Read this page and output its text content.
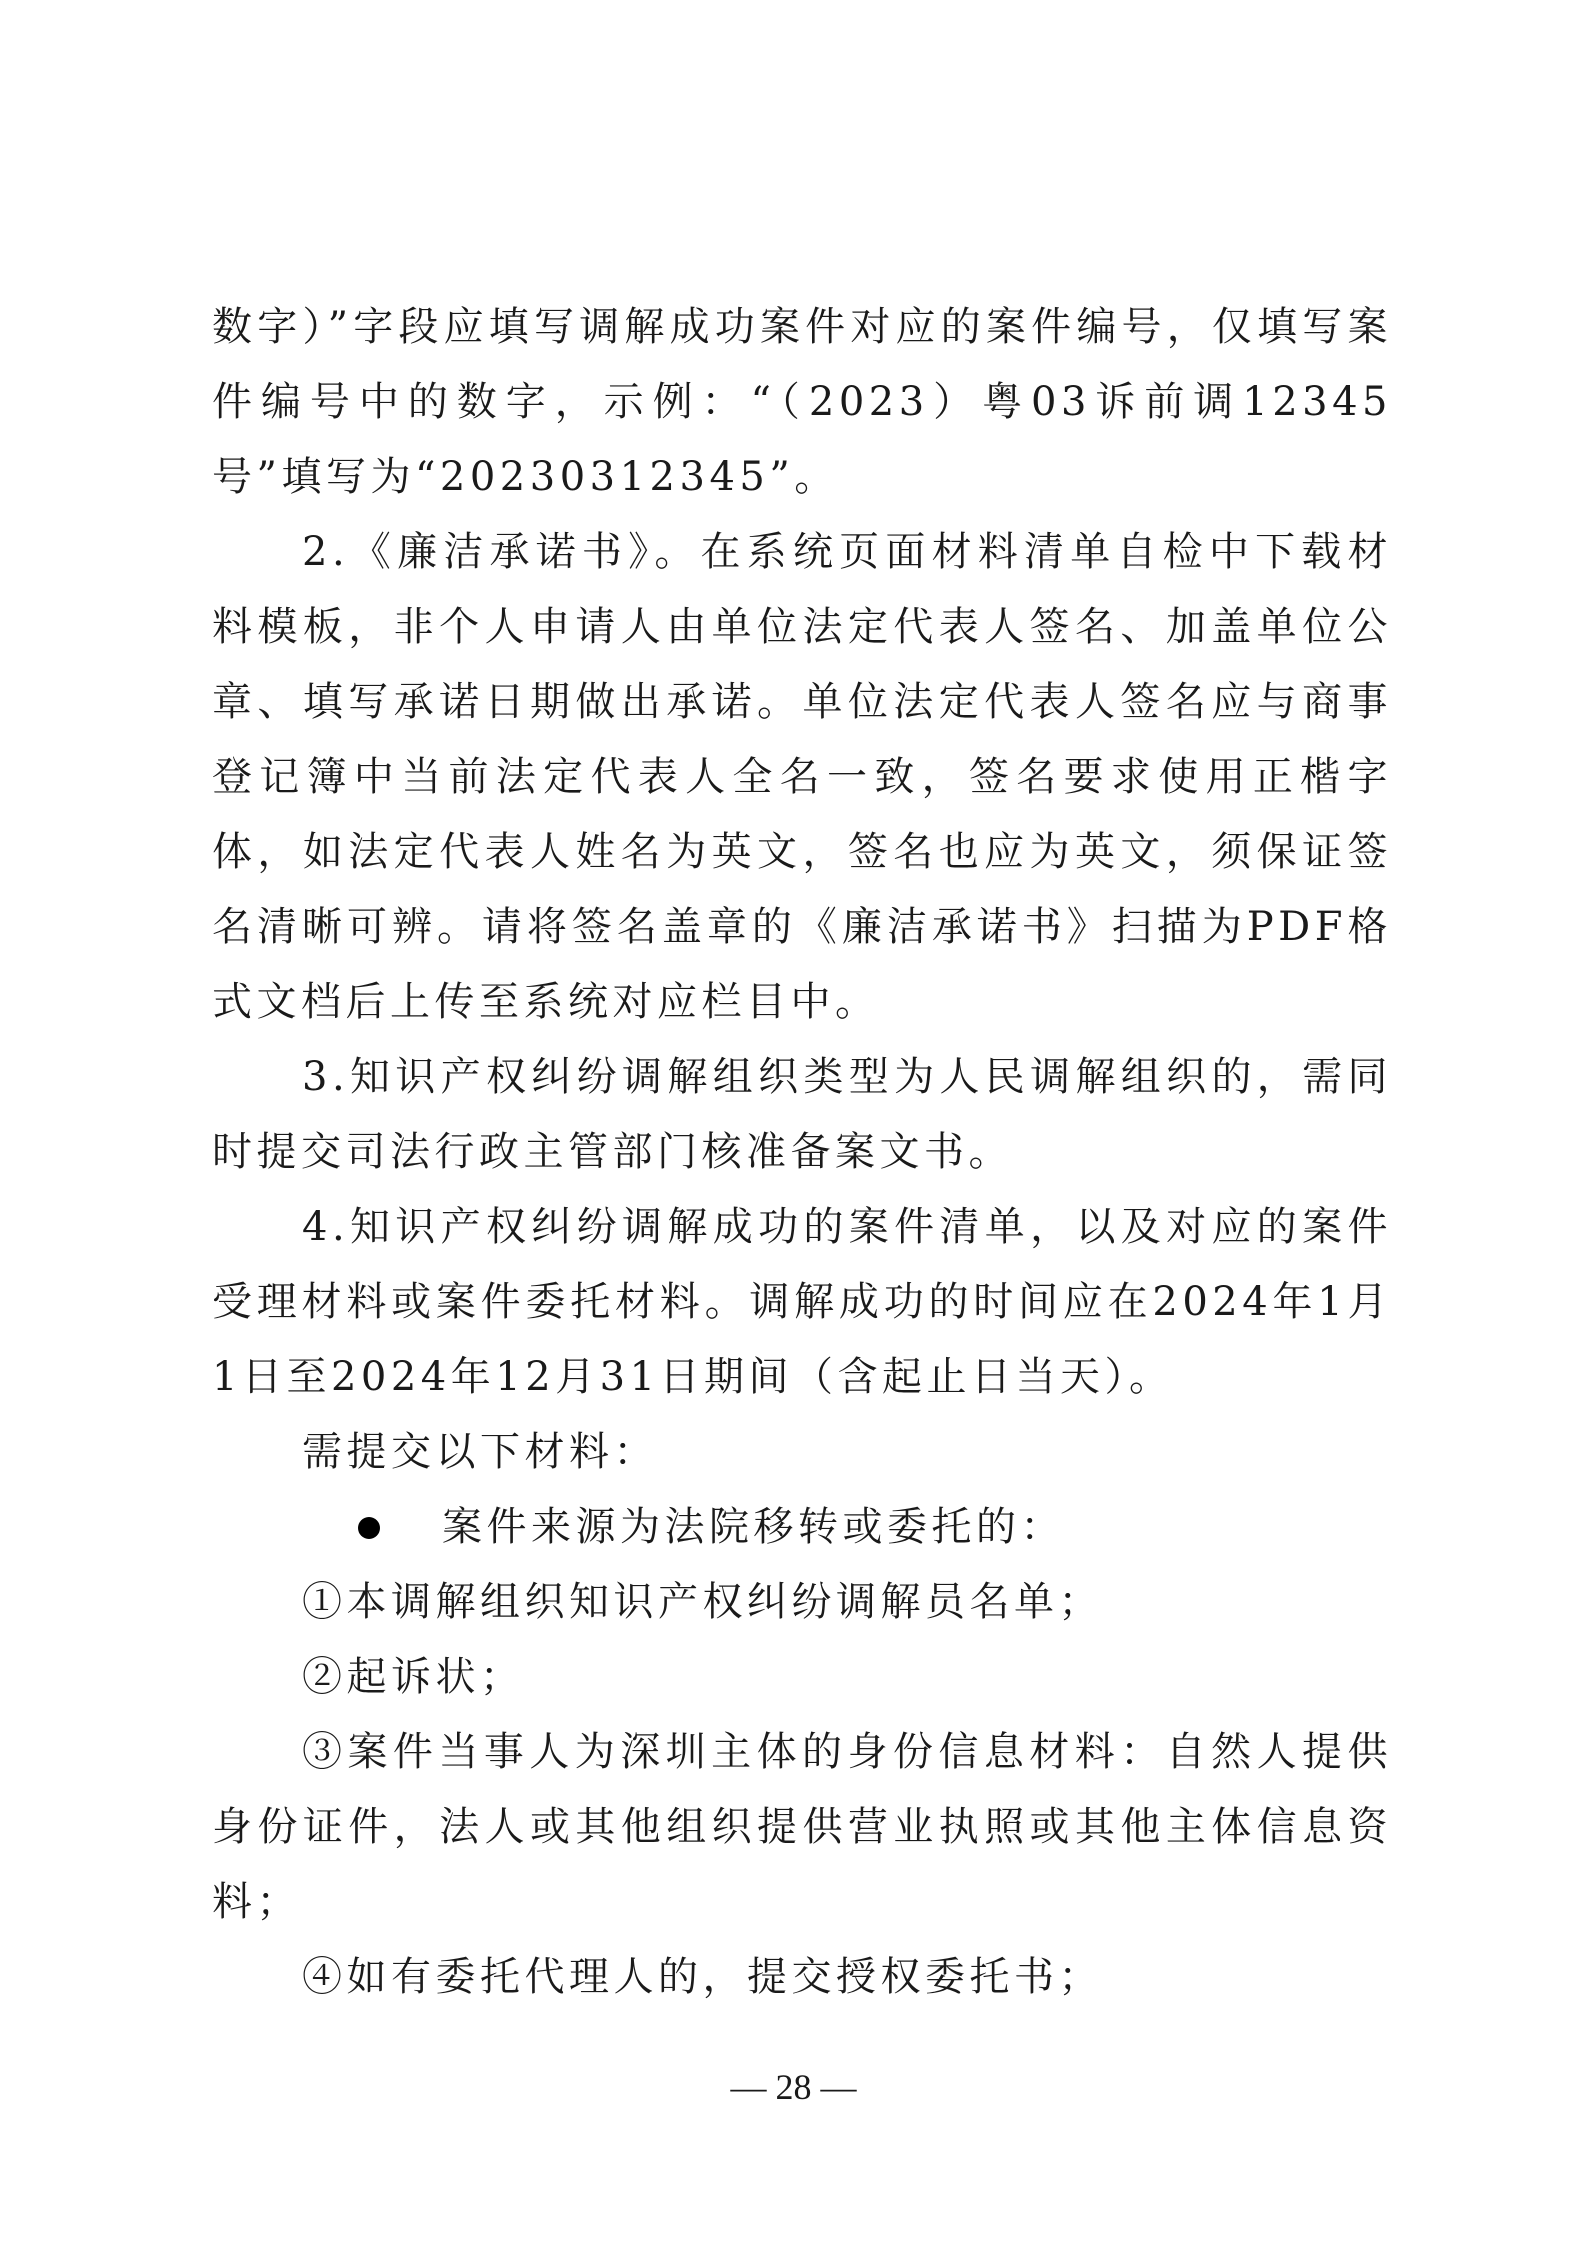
数字）”字段应填写调解成功案件对应的案件编号，仅填写案件编号中的数字，示例：“（2023）粤03诉前调12345号”填写为“20230312345”。

2.《廉洁承诺书》。在系统页面材料清单自检中下载材料模板，非个人申请人由单位法定代表人签名、加盖单位公章、填写承诺日期做出承诺。单位法定代表人签名应与商事登记簿中当前法定代表人全名一致，签名要求使用正楷字体，如法定代表人姓名为英文，签名也应为英文，须保证签名清晰可辨。请将签名盖章的《廉洁承诺书》扫描为PDF格式文档后上传至系统对应栏目中。

3.知识产权纠纷调解组织类型为人民调解组织的，需同时提交司法行政主管部门核准备案文书。

4.知识产权纠纷调解成功的案件清单，以及对应的案件受理材料或案件委托材料。调解成功的时间应在2024年1月1日至2024年12月31日期间（含起止日当天）。

需提交以下材料：

案件来源为法院移转或委托的：

①本调解组织知识产权纠纷调解员名单；

②起诉状；

③案件当事人为深圳主体的身份信息材料：自然人提供身份证件，法人或其他组织提供营业执照或其他主体信息资料；

④如有委托代理人的，提交授权委托书；

— 28 —
